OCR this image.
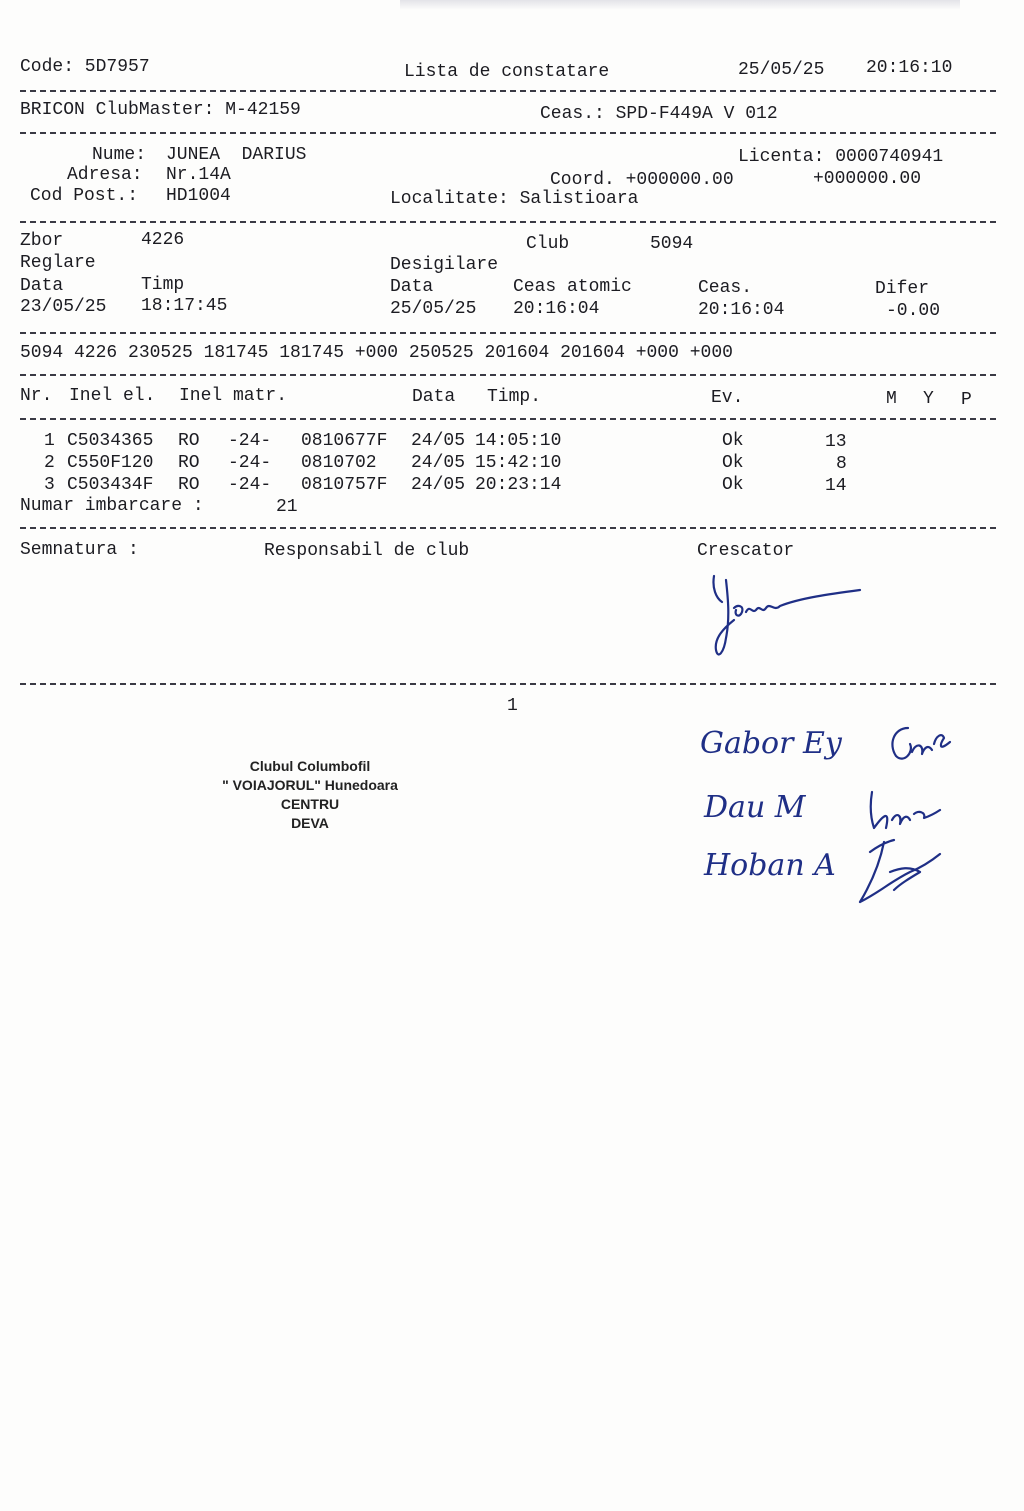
Code: 5D7957	Lista de constatare	25/05/25 20:16:10
BRICON ClubMaster: M-42159	Ceas.: SPD-F449A V 012
Nume: JUNEA  DARIUS	Licenta: 0000740941
Adresa: Nr.14A	Coord. +000000.00	+000000.00
Cod Post.: HD1004	Localitate: Salistioara
Zbor	4226	Club	5094
Reglare	Desigilare
Data	Timp	Data	Ceas atomic	Ceas.	Difer
23/05/25 18:17:45	25/05/25 20:16:04	20:16:04	-0.00
5094 4226 230525 181745 181745 +000 250525 201604 201604 +000 +000
Nr. Inel el. Inel matr.	Data Timp.	Ev.	M Y P
1 C5034365 RO -24- 0810677F 24/05 14:05:10	Ok	13
2 C550F120 RO -24- 0810702 24/05 15:42:10	Ok	8
3 C503434F RO -24- 0810757F 24/05 20:23:14	Ok	14
Numar imbarcare :	21
Semnatura :	Responsabil de club	Crescator
1
Clubul Columbofil
" VOIAJORUL" Hunedoara
CENTRU
DEVA
Gabor Ey
Dau M
Hoban A
